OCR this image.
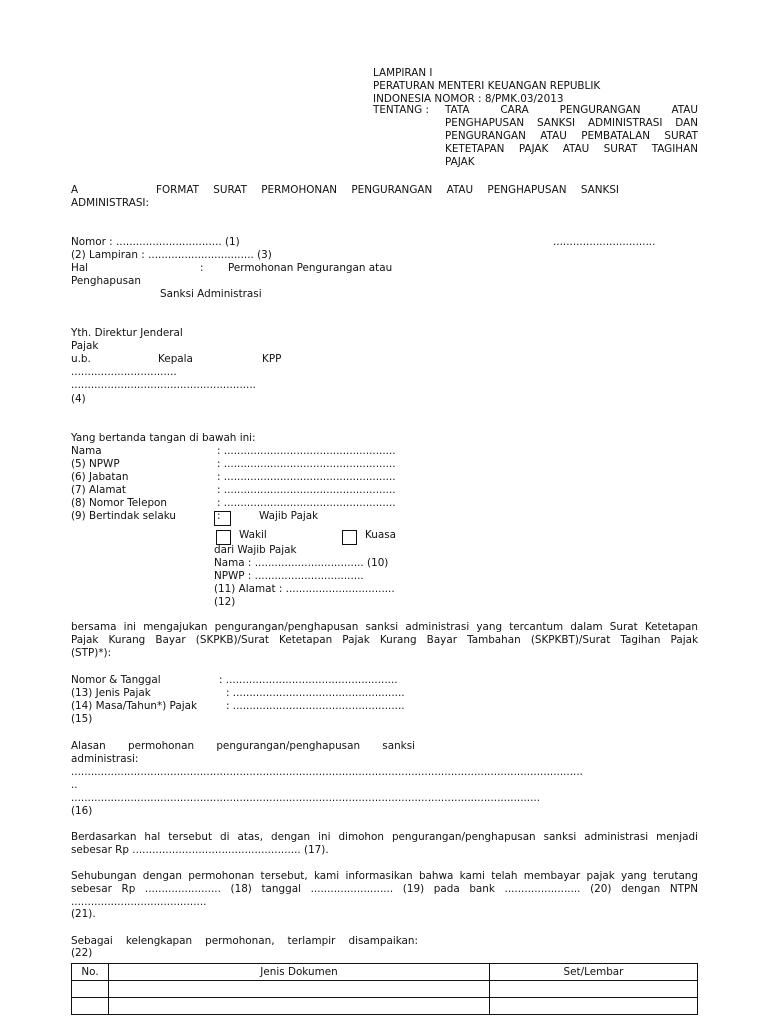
LAMPIRAN I
PERATURAN MENTERI KEUANGAN REPUBLIK
INDONESIA NOMOR : 8/PMK.03/2013
TENTANG : TATA CARA PENGURANGAN ATAU
PENGHAPUSAN SANKSI ADMINISTRASI DAN
PENGURANGAN ATAU PEMBATALAN SURAT
KETETAPAN PAJAK ATAU SURAT TAGIHAN
PAJAK
A	FORMAT SURAT PERMOHONAN PENGURANGAN ATAU PENGHAPUSAN SANKSI
ADMINISTRASI:
Nomor : ................................ (1)	...............................
(2) Lampiran : ................................ (3)
Hal	: Permohonan Pengurangan atau
Penghapusan
Sanksi Administrasi
Yth. Direktur Jenderal
Pajak
u.b.	Kepala	KPP
................................
........................................................
(4)
Yang bertanda tangan di bawah ini:
Nama	: ....................................................
(5) NPWP	: ....................................................
(6) Jabatan	: ....................................................
(7) Alamat	: ....................................................
(8) Nomor Telepon	: ....................................................
(9) Bertindak selaku	:	Wajib Pajak
Wakil	Kuasa
dari Wajib Pajak
Nama : ................................. (10)
NPWP : .................................
(11) Alamat : .................................
(12)
bersama ini mengajukan pengurangan/penghapusan sanksi administrasi yang tercantum dalam Surat Ketetapan
Pajak Kurang Bayar (SKPKB)/Surat Ketetapan Pajak Kurang Bayar Tambahan (SKPKBT)/Surat Tagihan Pajak
(STP)*):
Nomor & Tanggal	: ....................................................
(13) Jenis Pajak	: ....................................................
(14) Masa/Tahun*) Pajak	: ....................................................
(15)
Alasan permohonan pengurangan/penghapusan sanksi
administrasi:
...........................................................................................................................................................
..
..............................................................................................................................................
(16)
Berdasarkan hal tersebut di atas, dengan ini dimohon pengurangan/penghapusan sanksi administrasi menjadi
sebesar Rp ................................................... (17).
Sehubungan dengan permohonan tersebut, kami informasikan bahwa kami telah membayar pajak yang terutang
sebesar Rp ....................... (18) tanggal ......................... (19) pada bank ....................... (20) dengan NTPN
.........................................
(21).
Sebagai kelengkapan permohonan, terlampir disampaikan:
(22)
No.	Jenis Dokumen	Set/Lembar
